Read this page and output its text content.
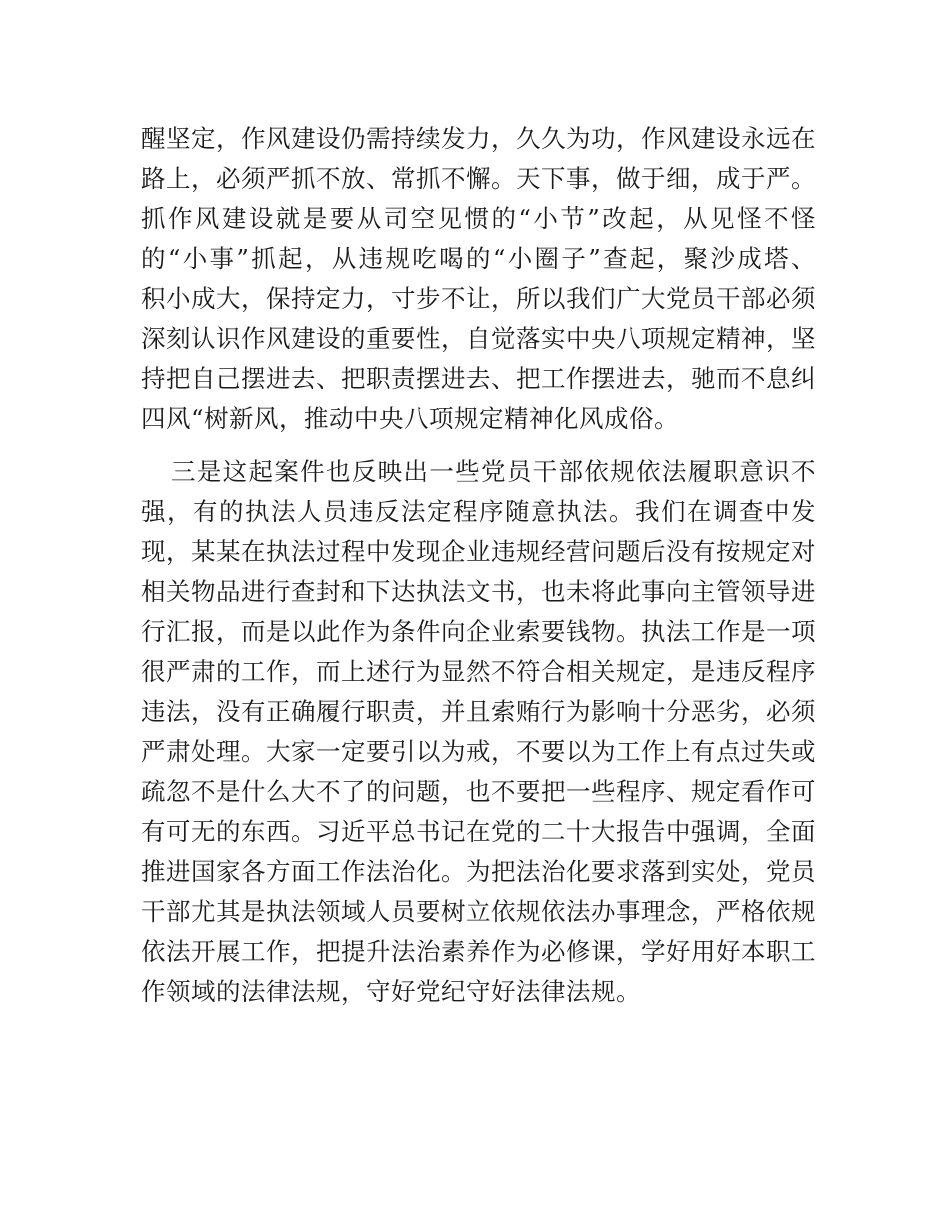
醒坚定，作风建设仍需持续发力，久久为功，作风建设永远在
路上，必须严抓不放、常抓不懈。天下事，做于细，成于严。
抓作风建设就是要从司空见惯的“小节”改起，从见怪不怪
的“小事”抓起，从违规吃喝的“小圈子”查起，聚沙成塔、
积小成大，保持定力，寸步不让，所以我们广大党员干部必须
深刻认识作风建设的重要性，自觉落实中央八项规定精神，坚
持把自己摆进去、把职责摆进去、把工作摆进去，驰而不息纠
四风“树新风，推动中央八项规定精神化风成俗。
三是这起案件也反映出一些党员干部依规依法履职意识不
强，有的执法人员违反法定程序随意执法。我们在调查中发
现，某某在执法过程中发现企业违规经营问题后没有按规定对
相关物品进行查封和下达执法文书，也未将此事向主管领导进
行汇报，而是以此作为条件向企业索要钱物。执法工作是一项
很严肃的工作，而上述行为显然不符合相关规定，是违反程序
违法，没有正确履行职责，并且索贿行为影响十分恶劣，必须
严肃处理。大家一定要引以为戒，不要以为工作上有点过失或
疏忽不是什么大不了的问题，也不要把一些程序、规定看作可
有可无的东西。习近平总书记在党的二十大报告中强调，全面
推进国家各方面工作法治化。为把法治化要求落到实处，党员
干部尤其是执法领域人员要树立依规依法办事理念，严格依规
依法开展工作，把提升法治素养作为必修课，学好用好本职工
作领域的法律法规，守好党纪守好法律法规。
